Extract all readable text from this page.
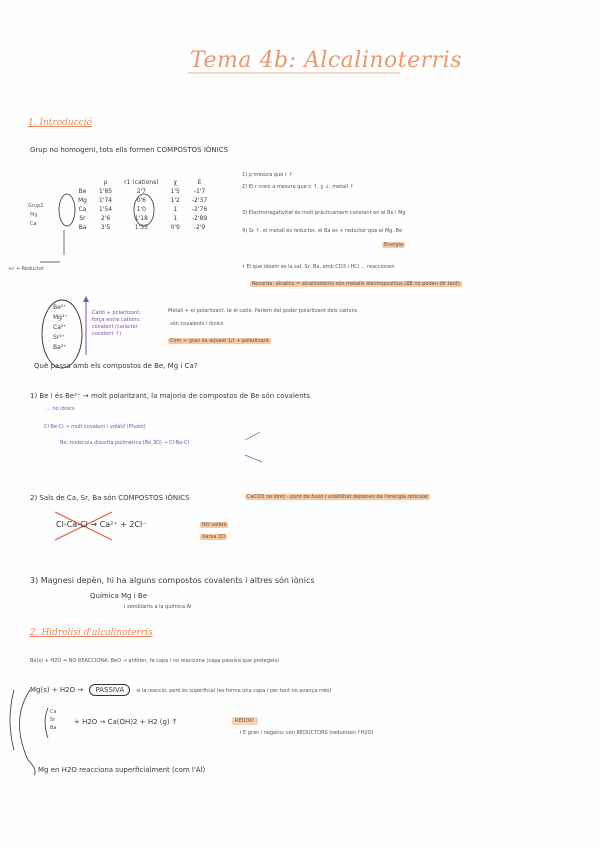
Tema 4b: Alcalinoterris
1. Introducció
Grup no homogeni, tots ells formen COMPOSTOS IÒNICS
	ρ	r1 (cations)	χ	E
Be	1'85	2'7	1'5	-1'7
Mg	1'74	0'6	1'2	-2'37
Ca	1'54	1'0	1	-2'76
Sr	2'6	1'18	1	-2'89
Ba	3'5	1'35	0'9	-2'9
Grup2
Mg
Ca
+r + Reductor
1) ρ mesura que r ↑
2) El r creix a mesura que n ↑, χ ↓, metall ↑
3) Electronegativitat és molt pràcticament constant en el Be i Mg
4) Sr ↑, el metall és reductor, el Ba és + reductor que el Mg, Be
Energia
• El que dèiem és la sal: Sr, Ba, amb CO3 i HCl ... reaccionen
Recorda: alcalins = alcalinoterris són metalls electropositius (ΔE no poden dir tant)
Be²⁺
Mg²⁺
Ca²⁺
Sr²⁺
Ba²⁺
Catió + polaritzant, força entre cations, covalent (caràcter covalent ↑)
Metall + el polaritzant, té el catió. Parlem del poder polaritzant dels cations
són covalents i iònics
Com + gran és aquest 1/r + polaritzant
Què passa amb els compostos de Be, Mg i Ca?
1) Be i és Be²⁺ → molt polaritzant, la majoria de compostos de Be són covalents
... no iònics
Cl-Be-Cl → molt covalent i volàtil (Pfusió)
Be: molècula dissolta polimèrica (Be 3D) → Cl-Be-Cl
2) Sals de Ca, Sr, Ba són COMPOSTOS IÒNICS	CaCO3 no iònic - punt de fusió i volatilitat depenen de l'energia reticular
Cl-Ca-Cl → Ca²⁺ + 2Cl⁻	NO volàtil
Xarxa 3D
3) Magnesi depèn, hi ha alguns compostos covalents i altres són iònics
Química Mg i Be
i semblants a la química Al
2. Hidròlisi d'alcalinoterris
Be(s) + H2O ↛ NO REACCIONA: BeO → anfòter, fa capa i no reacciona (capa passiva que protegeix)
Mg(s) + H2O → PASSIVA si la reacció, però és superficial (es forma una capa i per tant no avança més)
Ca
Sr
Ba
+ H2O → Ca(OH)2 + H2 (g) ↑	REDOX!
i E gran i negatiu: són REDUCTORS (redueixen l'H2O)
Mg en H2O reacciona superficialment (com l'Al)
